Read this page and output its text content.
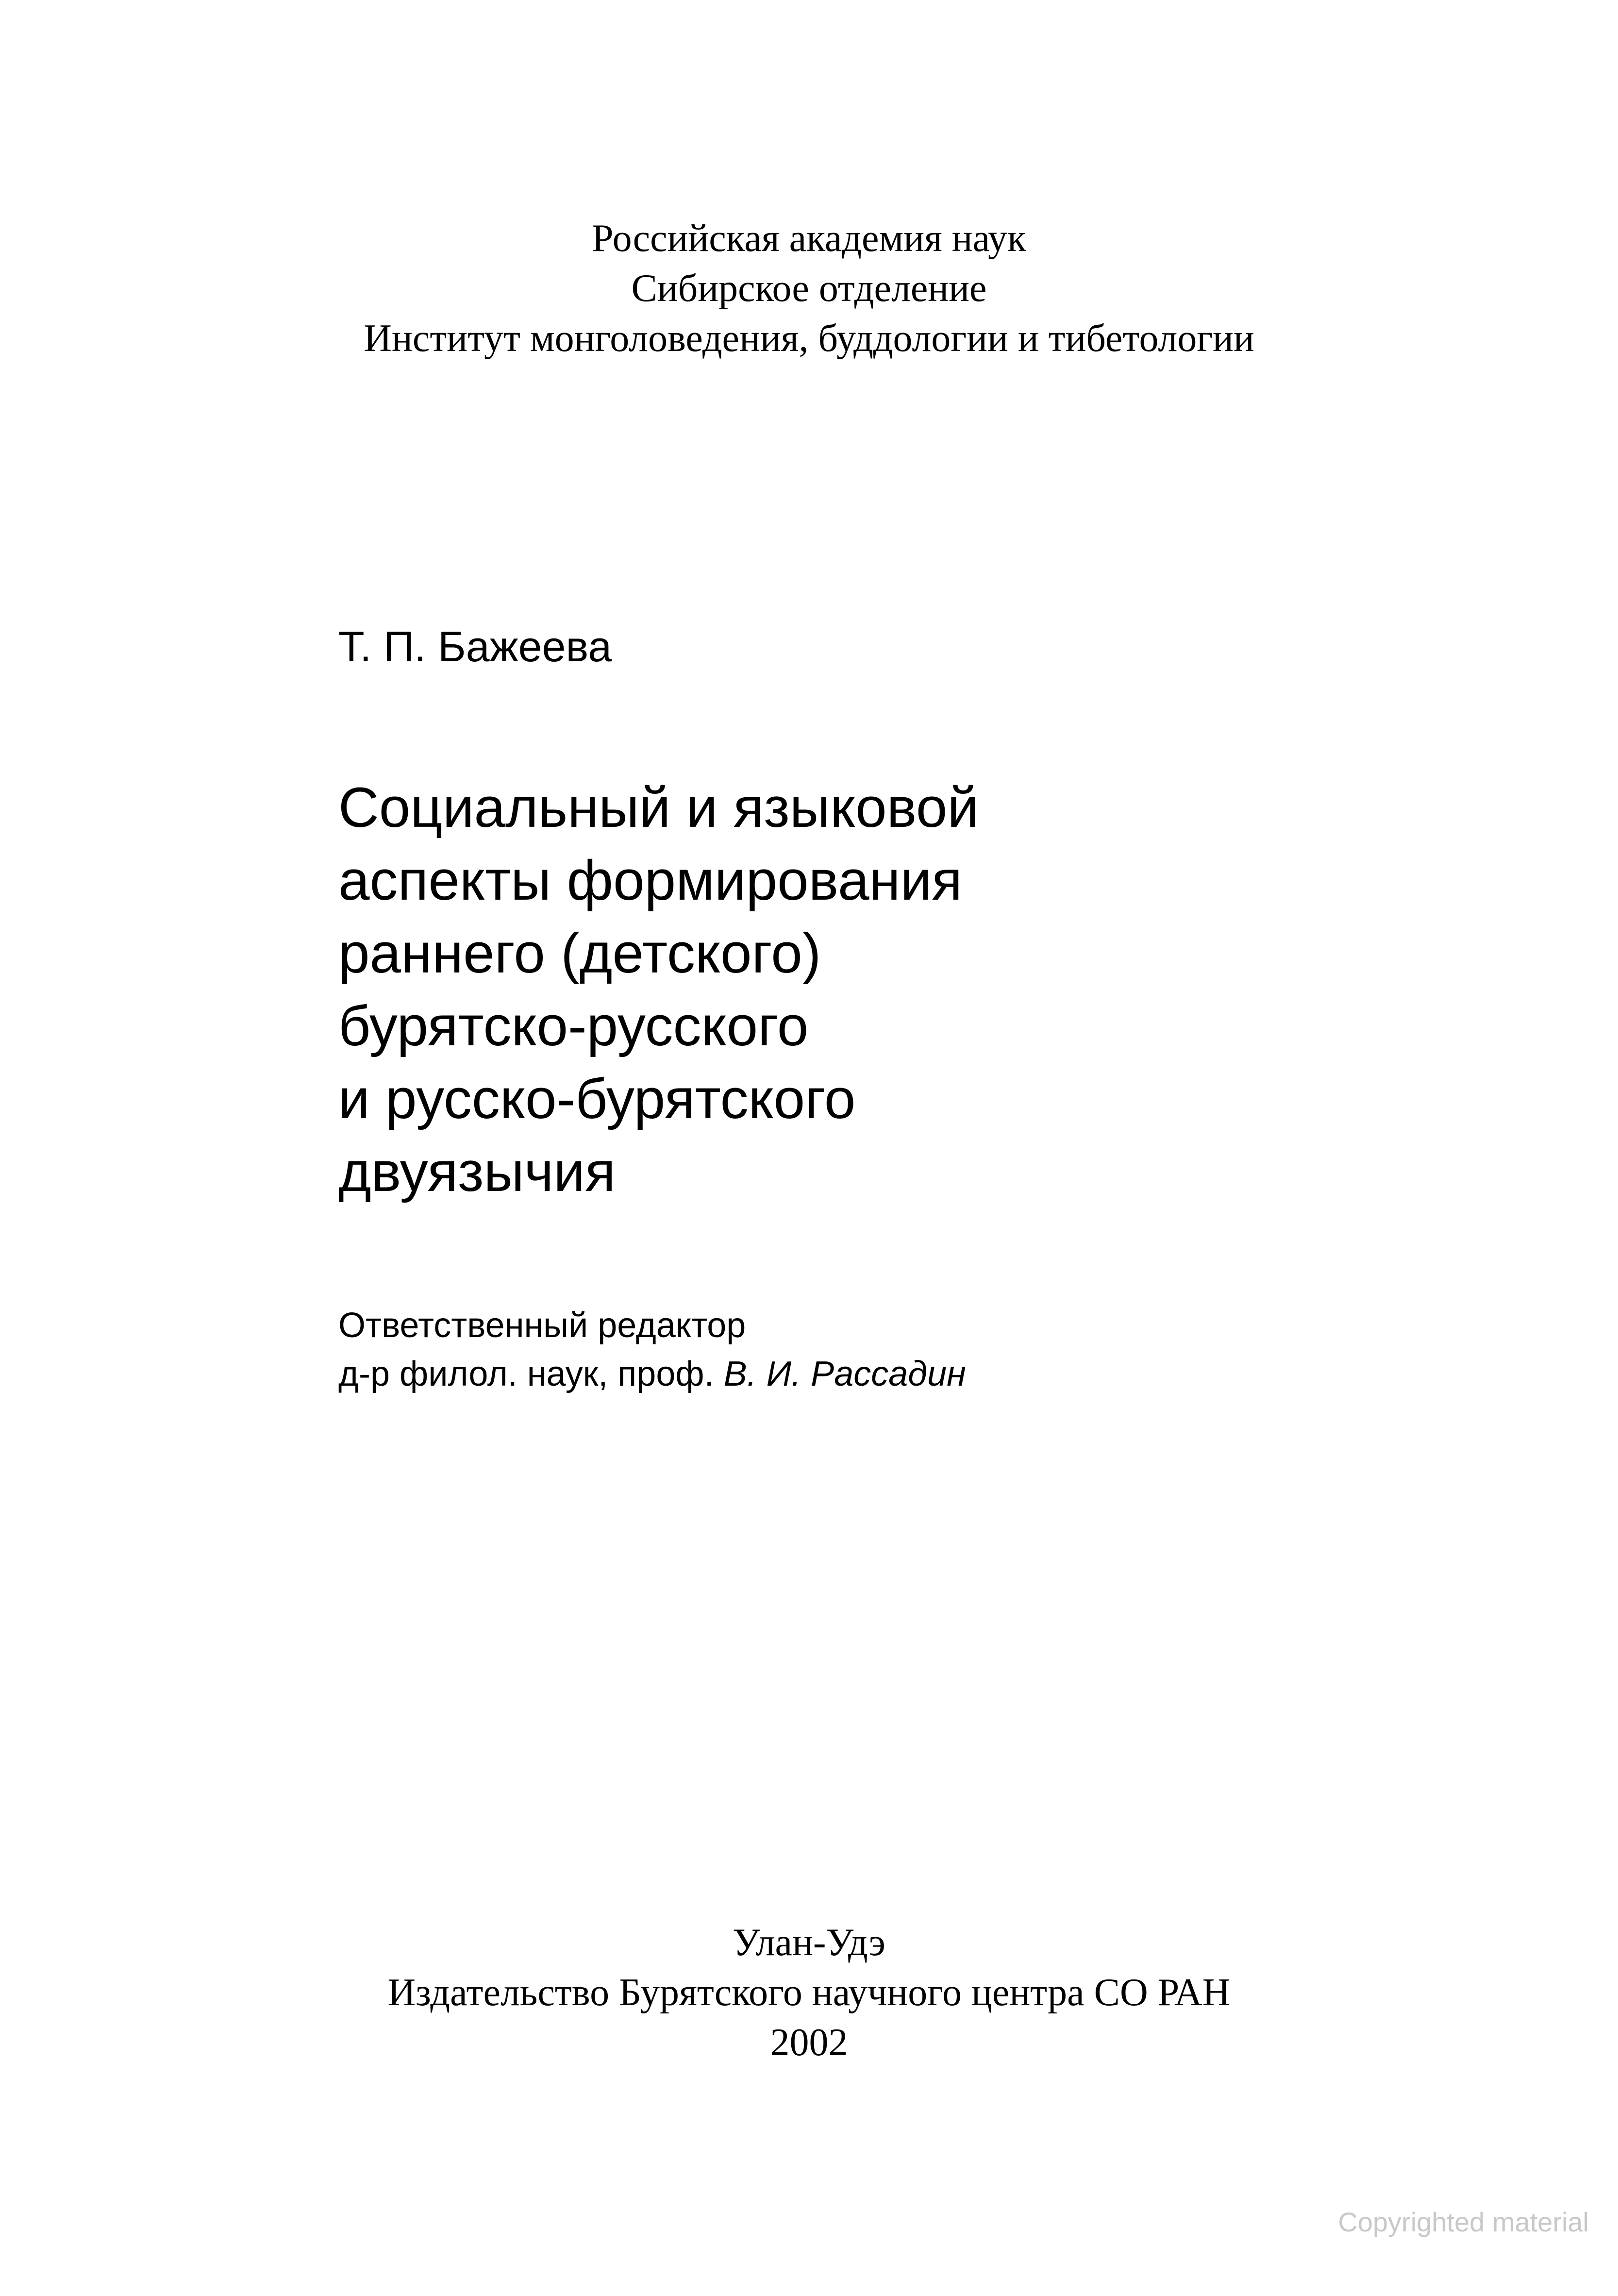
Российская академия наук
Сибирское отделение
Институт монголоведения, буддологии и тибетологии
Т. П. Бажеева
Социальный и языковой
аспекты формирования
раннего (детского)
бурятско-русского
и русско-бурятского
двуязычия
Ответственный редактор
д-р филол. наук, проф. В. И. Рассадин
Улан-Удэ
Издательство Бурятского научного центра СО РАН
2002
Copyrighted material
